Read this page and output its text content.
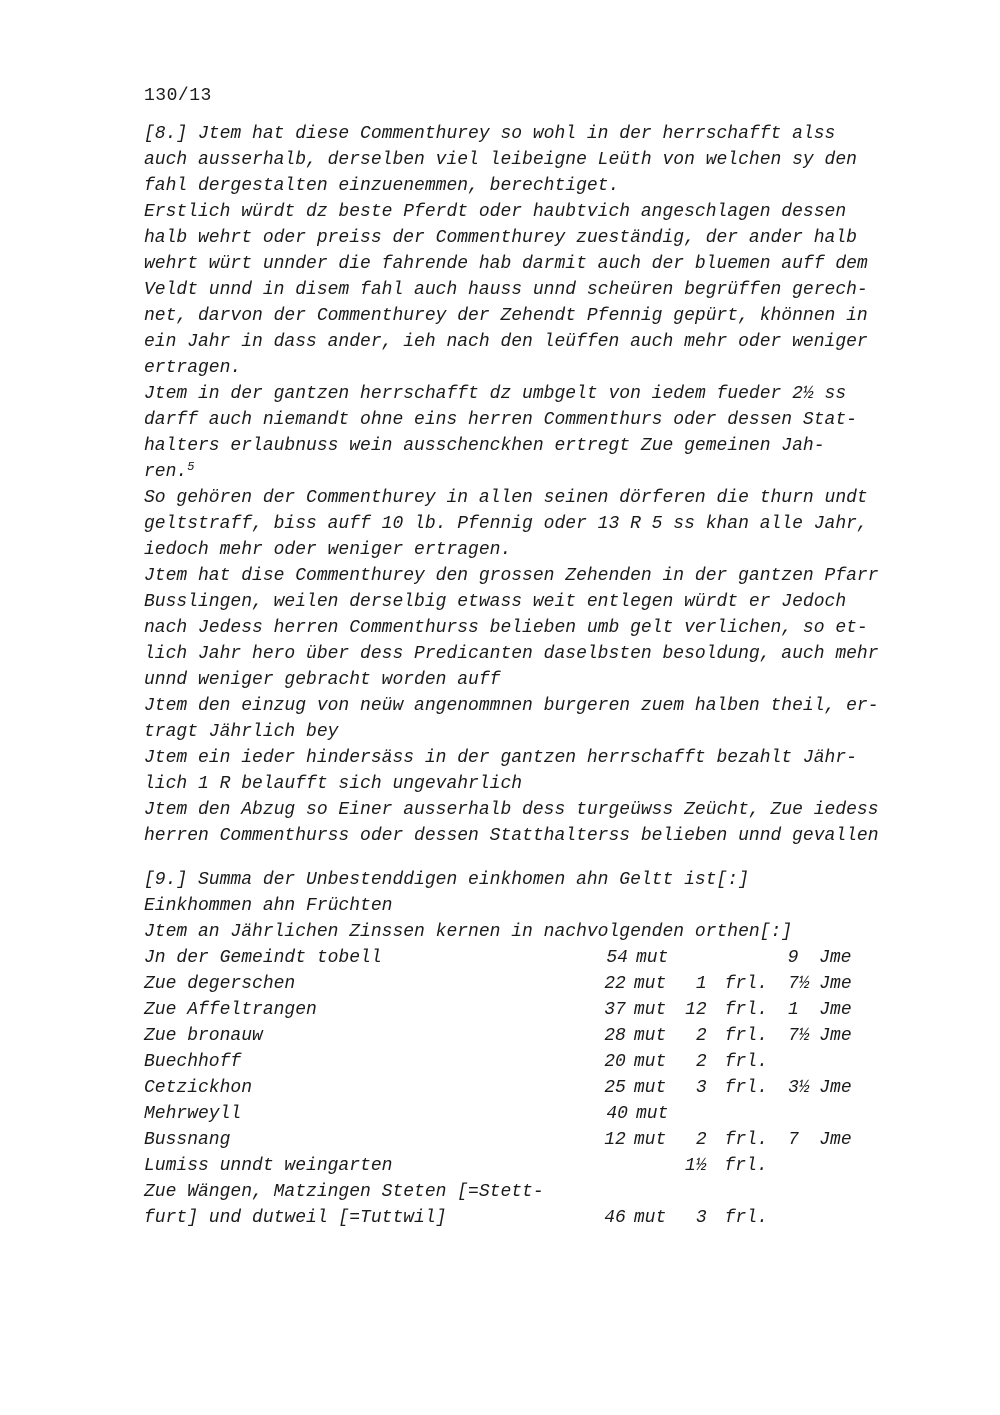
130/13
[8.] Jtem hat diese Commenthurey so wohl in der herrschafft alss
auch ausserhalb, derselben viel leibeigne Leüth von welchen sy den
fahl dergestalten einzuenemmen, berechtiget.
Erstlich würdt dz beste Pferdt oder haubtvich angeschlagen dessen
halb wehrt oder preiss der Commenthurey zueständig, der ander halb
wehrt würt unnder die fahrende hab darmit auch der bluemen auff dem
Veldt unnd in disem fahl auch hauss unnd scheüren begrüffen gerech-
net, darvon der Commenthurey der Zehendt Pfennig gepürt, khönnen in
ein Jahr in dass ander, ieh nach den leüffen auch mehr oder weniger
ertragen.
Jtem in der gantzen herrschafft dz umbgelt von iedem fueder 2½ ss
darff auch niemandt ohne eins herren Commenthurs oder dessen Stat-
halters erlaubnuss wein ausschenckhen ertregt Zue gemeinen Jah-
ren.$^5$
So gehören der Commenthurey in allen seinen dörferen die thurn undt
geltstraff, biss auff 10 lb. Pfennig oder 13 R 5 ss khan alle Jahr,
iedoch mehr oder weniger ertragen.
Jtem hat dise Commenthurey den grossen Zehenden in der gantzen Pfarr
Busslingen, weilen derselbig etwass weit entlegen würdt er Jedoch
nach Jedess herren Commenthurss belieben umb gelt verlichen, so et-
lich Jahr hero über dess Predicanten daselbsten besoldung, auch mehr
unnd weniger gebracht worden auff
Jtem den einzug von neüw angenommnen burgeren zuem halben theil, er-
tragt Jährlich bey
Jtem ein ieder hindersäss in der gantzen herrschafft bezahlt Jähr-
lich 1 R belaufft sich ungevahrlich
Jtem den Abzug so Einer ausserhalb dess turgeüwss Zeücht, Zue iedess
herren Commenthurss oder dessen Statthalterss belieben unnd gevallen
[9.] Summa der Unbestenddigen einkhomen ahn Geltt ist[:]
Einkhommen ahn Früchten
Jtem an Jährlichen Zinssen kernen in nachvolgenden orthen[:]
Jn der Gemeindt tobell	54 mut	9	Jme
Zue degerschen	22 mut	1 frl. 7½ Jme
Zue Affeltrangen	37 mut	12 frl. 1	Jme
Zue bronauw	28 mut	2 frl. 7½ Jme
Buechhoff	20 mut	2 frl.
Cetzickhon	25 mut	3 frl. 3½ Jme
Mehrweyll	40 mut
Bussnang	12 mut	2 frl. 7	Jme
Lumiss unndt weingarten	1½ frl.
Zue Wängen, Matzingen Steten [=Stett-
furt] und dutweil [=Tuttwil]	46 mut	3 frl.
